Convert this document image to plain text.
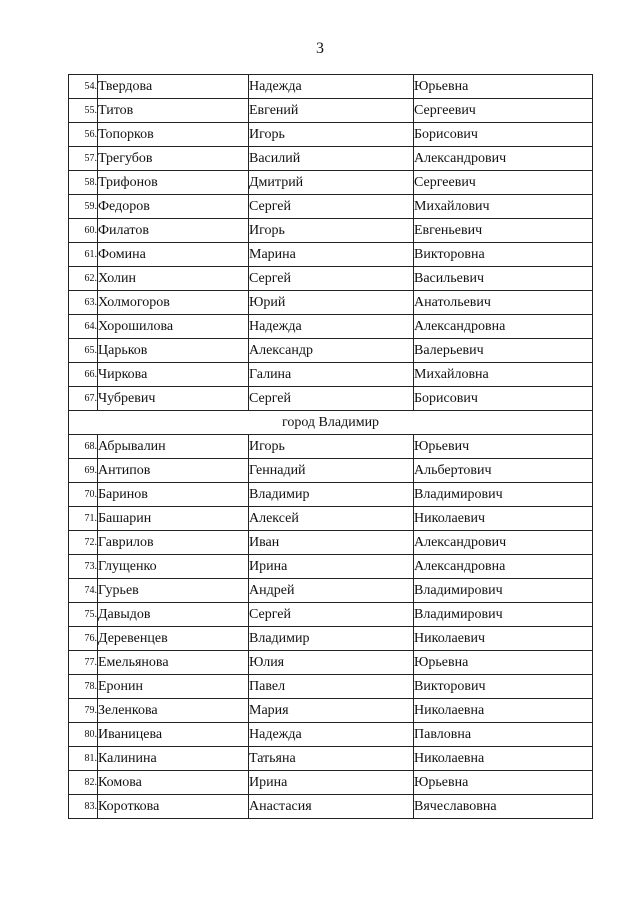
3
54.	Твердова	Надежда	Юрьевна
55.	Титов	Евгений	Сергеевич
56.	Топорков	Игорь	Борисович
57.	Трегубов	Василий	Александрович
58.	Трифонов	Дмитрий	Сергеевич
59.	Федоров	Сергей	Михайлович
60.	Филатов	Игорь	Евгеньевич
61.	Фомина	Марина	Викторовна
62.	Холин	Сергей	Васильевич
63.	Холмогоров	Юрий	Анатольевич
64.	Хорошилова	Надежда	Александровна
65.	Царьков	Александр	Валерьевич
66.	Чиркова	Галина	Михайловна
67.	Чубревич	Сергей	Борисович
город Владимир			
68.	Абрывалин	Игорь	Юрьевич
69.	Антипов	Геннадий	Альбертович
70.	Баринов	Владимир	Владимирович
71.	Башарин	Алексей	Николаевич
72.	Гаврилов	Иван	Александрович
73.	Глущенко	Ирина	Александровна
74.	Гурьев	Андрей	Владимирович
75.	Давыдов	Сергей	Владимирович
76.	Деревенцев	Владимир	Николаевич
77.	Емельянова	Юлия	Юрьевна
78.	Еронин	Павел	Викторович
79.	Зеленкова	Мария	Николаевна
80.	Иваницева	Надежда	Павловна
81.	Калинина	Татьяна	Николаевна
82.	Комова	Ирина	Юрьевна
83.	Короткова	Анастасия	Вячеславовна
